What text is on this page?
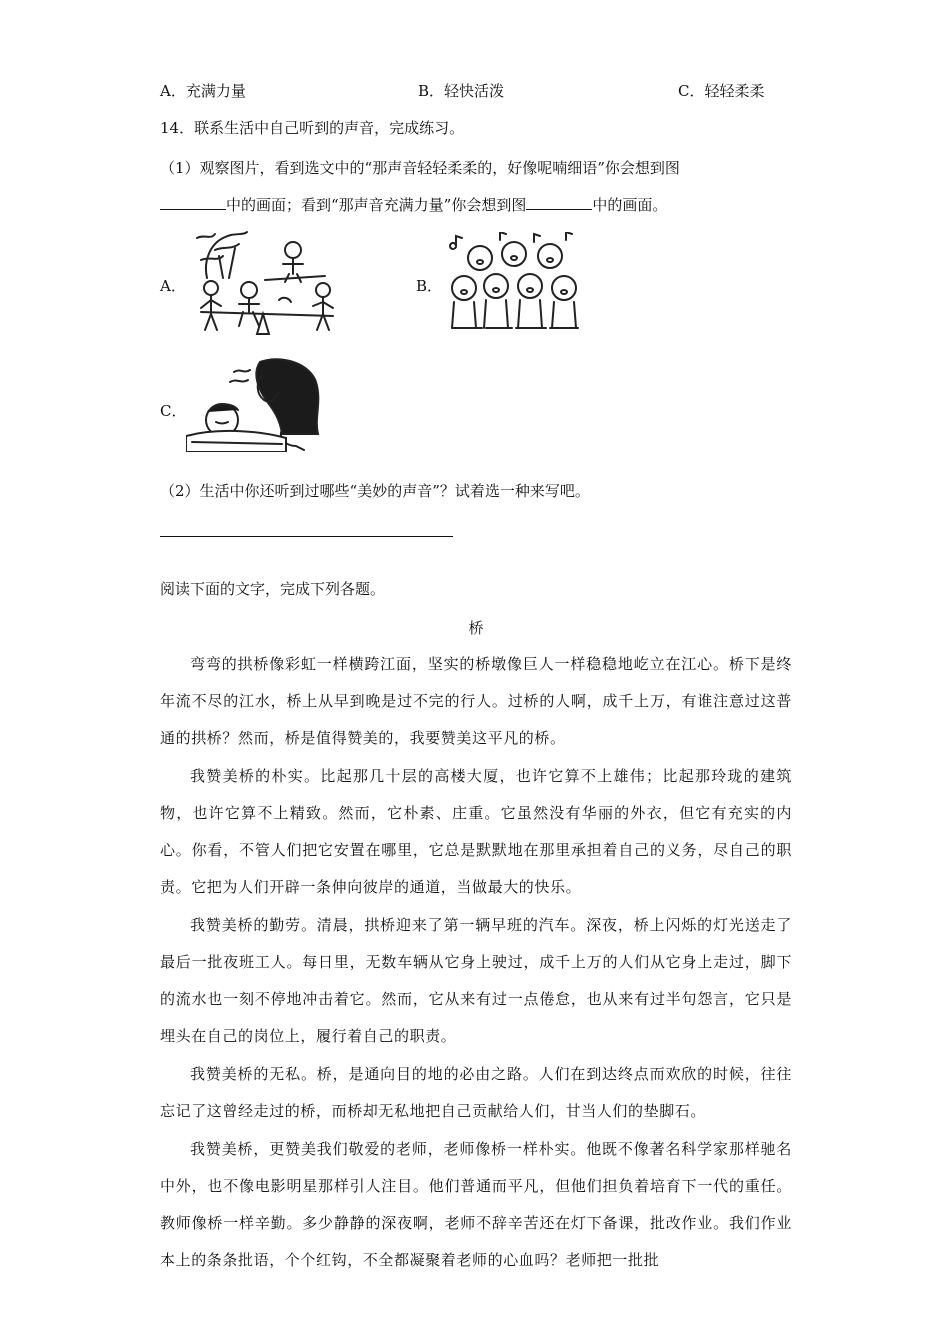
A．充满力量	B．轻快活泼	C．轻轻柔柔
14．联系生活中自己听到的声音，完成练习。
（1）观察图片，看到选文中的“那声音轻轻柔柔的，好像呢喃细语”你会想到图
中的画面；看到“那声音充满力量”你会想到图	中的画面。
A．	B．
C．
（2）生活中你还听到过哪些“美妙的声音”？试着选一种来写吧。
阅读下面的文字，完成下列各题。
桥
弯弯的拱桥像彩虹一样横跨江面，坚实的桥墩像巨人一样稳稳地屹立在江心。桥下是终年流不尽的江水，桥上从早到晚是过不完的行人。过桥的人啊，成千上万，有谁注意过这普通的拱桥？然而，桥是值得赞美的，我要赞美这平凡的桥。
我赞美桥的朴实。比起那几十层的高楼大厦，也许它算不上雄伟；比起那玲珑的建筑物，也许它算不上精致。然而，它朴素、庄重。它虽然没有华丽的外衣，但它有充实的内心。你看，不管人们把它安置在哪里，它总是默默地在那里承担着自己的义务，尽自己的职责。它把为人们开辟一条伸向彼岸的通道，当做最大的快乐。
我赞美桥的勤劳。清晨，拱桥迎来了第一辆早班的汽车。深夜，桥上闪烁的灯光送走了最后一批夜班工人。每日里，无数车辆从它身上驶过，成千上万的人们从它身上走过，脚下的流水也一刻不停地冲击着它。然而，它从来有过一点倦怠，也从来有过半句怨言，它只是埋头在自己的岗位上，履行着自己的职责。
我赞美桥的无私。桥，是通向目的地的必由之路。人们在到达终点而欢欣的时候，往往忘记了这曾经走过的桥，而桥却无私地把自己贡献给人们，甘当人们的垫脚石。
我赞美桥，更赞美我们敬爱的老师，老师像桥一样朴实。他既不像著名科学家那样驰名中外，也不像电影明星那样引人注目。他们普通而平凡，但他们担负着培育下一代的重任。教师像桥一样辛勤。多少静静的深夜啊，老师不辞辛苦还在灯下备课，批改作业。我们作业本上的条条批语，个个红钩，不全都凝聚着老师的心血吗？老师把一批批
